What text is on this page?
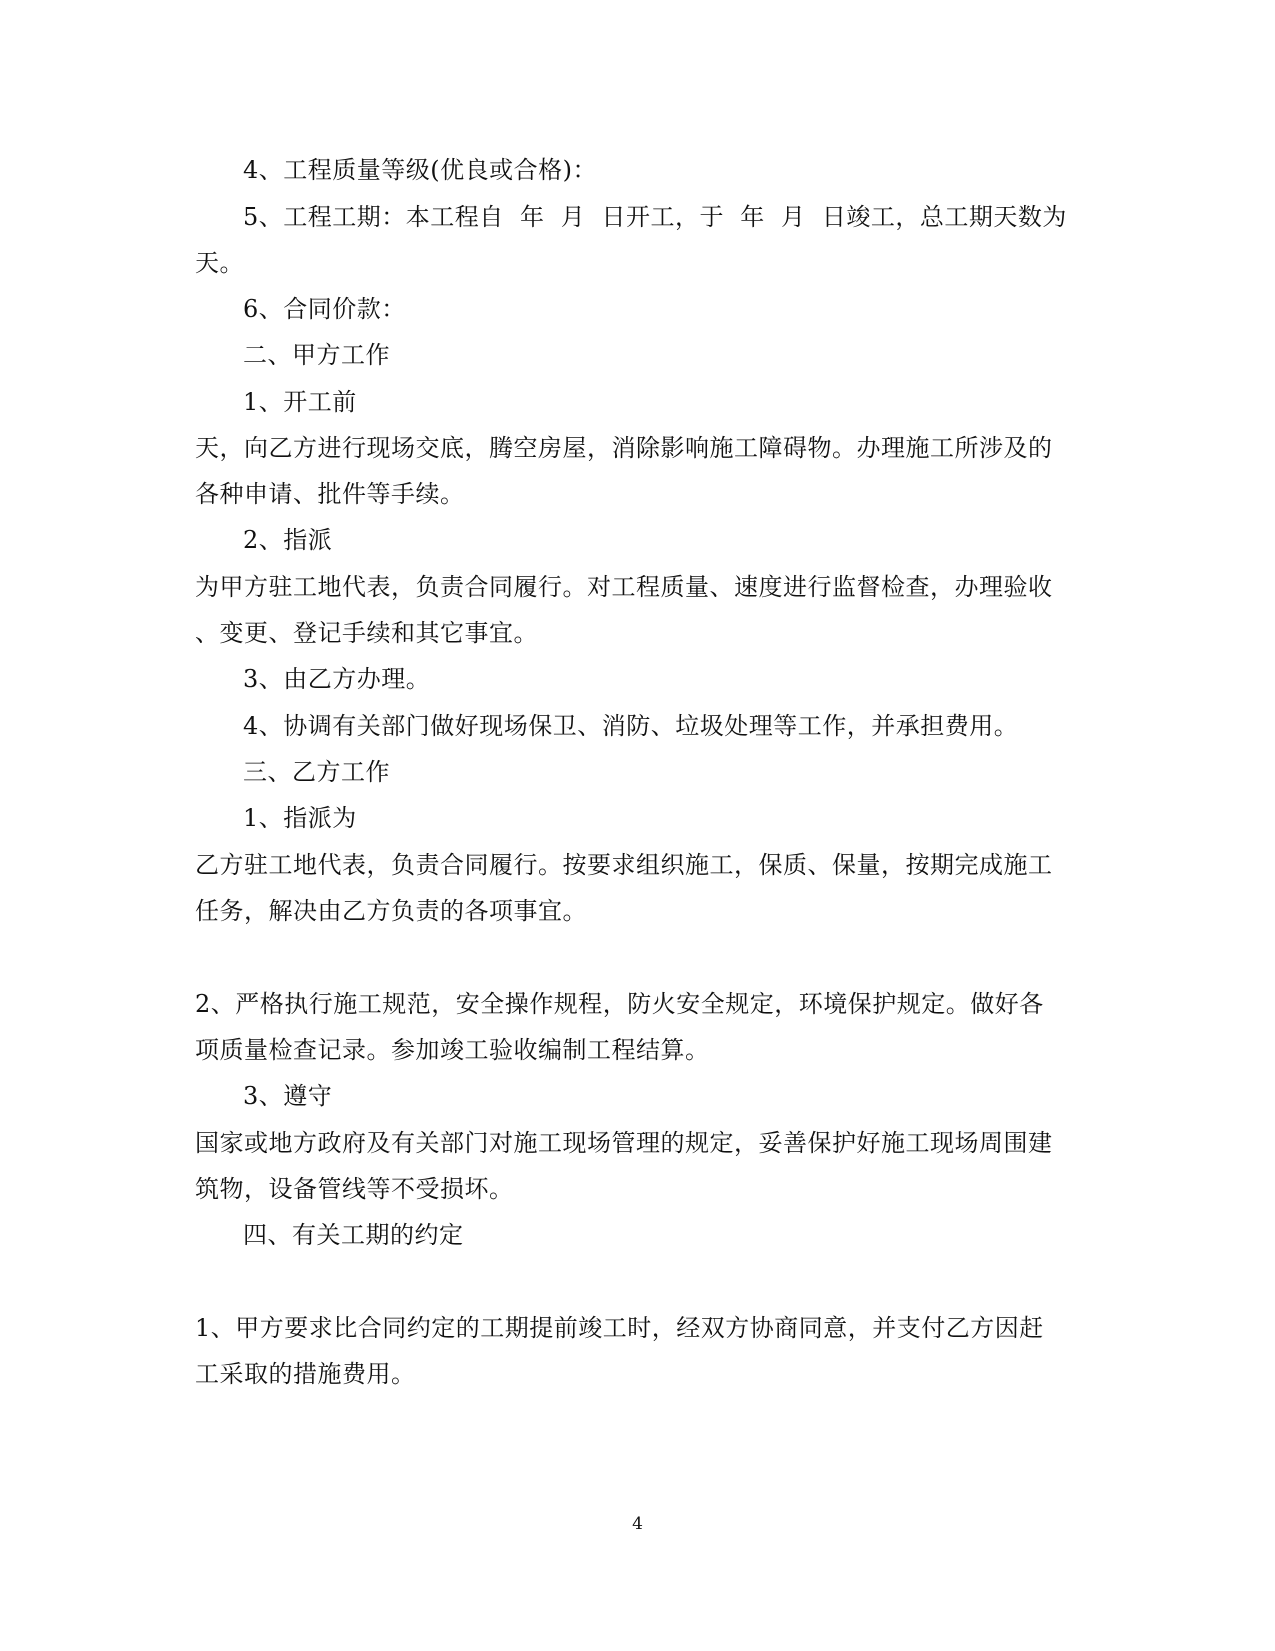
4、工程质量等级(优良或合格)：
5、工程工期：本工程自  年  月  日开工，于  年  月  日竣工，总工期天数为
天。
6、合同价款：
二、甲方工作
1、开工前
天，向乙方进行现场交底，腾空房屋，消除影响施工障碍物。办理施工所涉及的
各种申请、批件等手续。
2、指派
为甲方驻工地代表，负责合同履行。对工程质量、速度进行监督检查，办理验收
、变更、登记手续和其它事宜。
3、由乙方办理。
4、协调有关部门做好现场保卫、消防、垃圾处理等工作，并承担费用。
三、乙方工作
1、指派为
乙方驻工地代表，负责合同履行。按要求组织施工，保质、保量，按期完成施工
任务，解决由乙方负责的各项事宜。
2、严格执行施工规范，安全操作规程，防火安全规定，环境保护规定。做好各
项质量检查记录。参加竣工验收编制工程结算。
3、遵守
国家或地方政府及有关部门对施工现场管理的规定，妥善保护好施工现场周围建
筑物，设备管线等不受损坏。
四、有关工期的约定
1、甲方要求比合同约定的工期提前竣工时，经双方协商同意，并支付乙方因赶
工采取的措施费用。
4
